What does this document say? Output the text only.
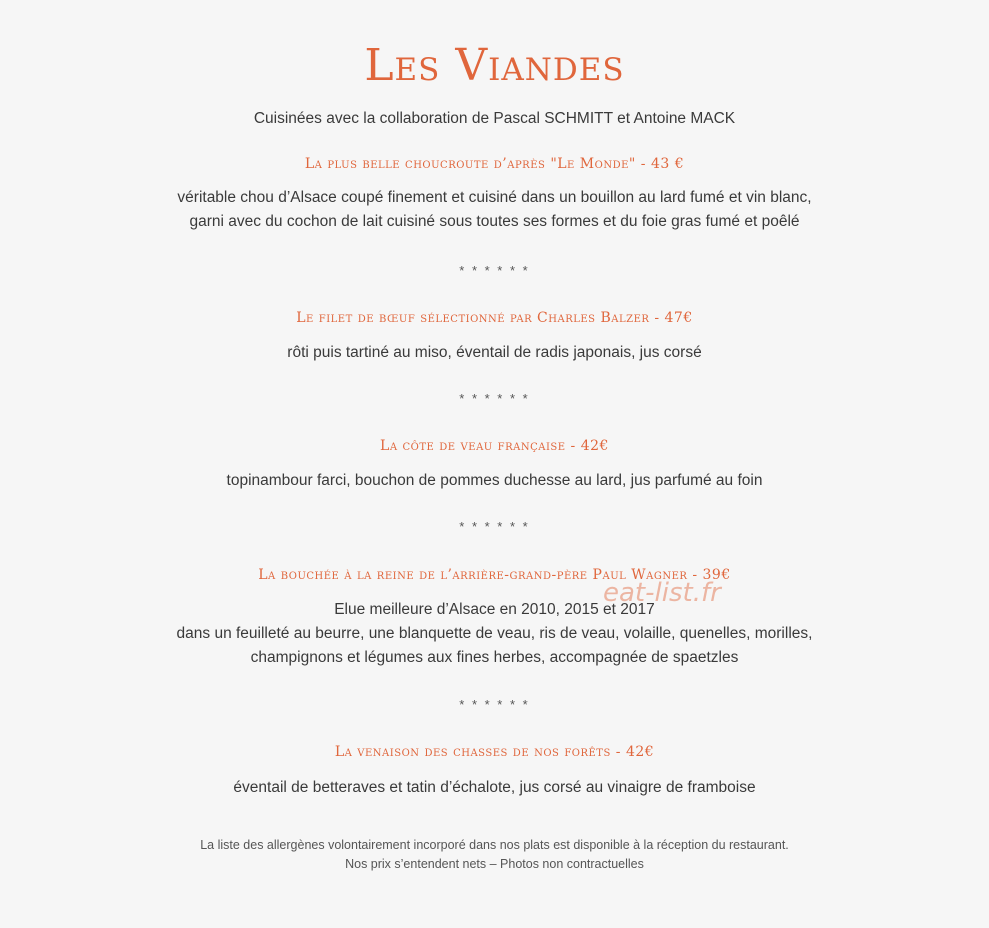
Les Viandes
Cuisinées avec la collaboration de Pascal SCHMITT et Antoine MACK
La plus belle choucroute d’après "Le Monde" - 43 €
véritable chou d’Alsace coupé finement et cuisiné dans un bouillon au lard fumé et vin blanc,
garni avec du cochon de lait cuisiné sous toutes ses formes et du foie gras fumé et poêlé
* * * * * *
Le filet de bœuf sélectionné par Charles Balzer - 47€
rôti puis tartiné au miso, éventail de radis japonais, jus corsé
* * * * * *
La côte de veau française - 42€
topinambour farci, bouchon de pommes duchesse au lard, jus parfumé au foin
* * * * * *
La bouchée à la reine de l’arrière-grand-père Paul Wagner - 39€
Elue meilleure d’Alsace en 2010, 2015 et 2017
dans un feuilleté au beurre, une blanquette de veau, ris de veau, volaille, quenelles, morilles,
champignons et légumes aux fines herbes, accompagnée de spaetzles
* * * * * *
La venaison des chasses de nos forêts - 42€
éventail de betteraves et tatin d’échalote, jus corsé au vinaigre de framboise
La liste des allergènes volontairement incorporé dans nos plats est disponible à la réception du restaurant.
Nos prix s’entendent nets – Photos non contractuelles
eat-list.fr
